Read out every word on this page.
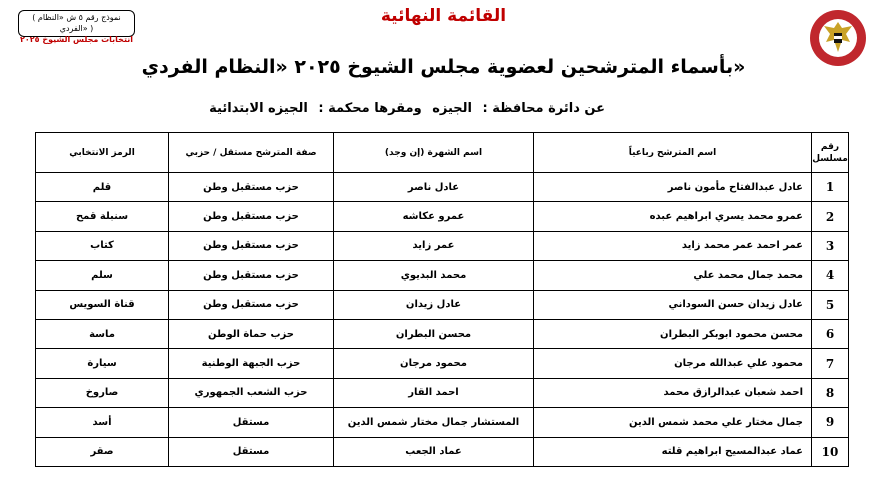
( نموذج رقم ٥ ش «النظام الفردي» )
انتخابات مجلس الشيوخ ٢٠٢٥
القائمة النهائية
بأسماء المترشحين لعضوية مجلس الشيوخ ٢٠٢٥ «النظام الفردي»
عن دائرة محافظة : الجيزه ومقرها محكمة : الجيزه الابتدائية
رقم مسلسل	اسم المترشح رباعياً	اسم الشهرة (إن وجد)	صفة المترشح مستقل / حزبي	الرمز الانتخابي
1	عادل عبدالفتاح مأمون ناصر	عادل ناصر	حزب مستقبل وطن	قلم
2	عمرو محمد يسري ابراهيم عبده	عمرو عكاشه	حزب مستقبل وطن	سنبلة قمح
3	عمر احمد عمر محمد زايد	عمر زايد	حزب مستقبل وطن	كتاب
4	محمد جمال محمد علي	محمد البديوي	حزب مستقبل وطن	سلم
5	عادل زيدان حسن السوداني	عادل زيدان	حزب مستقبل وطن	قناة السويس
6	محسن محمود ابوبكر البطران	محسن البطران	حزب حماة الوطن	ماسة
7	محمود علي عبدالله مرجان	محمود مرجان	حزب الجبهة الوطنية	سيارة
8	احمد شعبان عبدالرازق محمد	احمد القار	حزب الشعب الجمهوري	صاروخ
9	جمال مختار علي محمد شمس الدين	المستشار جمال مختار شمس الدين	مستقل	أسد
10	عماد عبدالمسيح ابراهيم قلته	عماد الجعب	مستقل	صقر
